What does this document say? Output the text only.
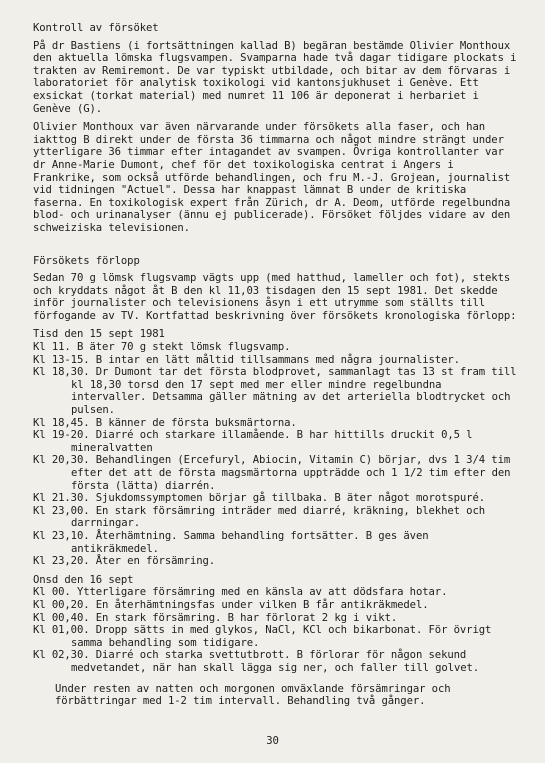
Kontroll av försöket
På dr Bastiens (i fortsättningen kallad B) begäran bestämde Olivier Monthoux den aktuella lömska flugsvampen. Svamparna hade två dagar tidigare plockats i trakten av Remiremont. De var typiskt utbildade, och bitar av dem förvaras i laboratoriet för analytisk toxikologi vid kantonsjukhuset i Genève. Ett exsickat (torkat material) med numret 11 106 är deponerat i herbariet i Genève (G).
Olivier Monthoux var även närvarande under försökets alla faser, och han iakttog B direkt under de första 36 timmarna och något mindre strängt under ytterligare 36 timmar efter intagandet av svampen. Övriga kontrollanter var dr Anne-Marie Dumont, chef för det toxikologiska centrat i Angers i Frankrike, som också utförde behandlingen, och fru M.-J. Grojean, journalist vid tidningen "Actuel". Dessa har knappast lämnat B under de kritiska faserna. En toxikologisk expert från Zürich, dr A. Deom, utförde regelbundna blod- och urinanalyser (ännu ej publicerade). Försöket följdes vidare av den schweiziska televisionen.
Försökets förlopp
Sedan 70 g lömsk flugsvamp vägts upp (med hatthud, lameller och fot), stekts och kryddats något åt B den kl 11,03 tisdagen den 15 sept 1981. Det skedde inför journalister och televisionens åsyn i ett utrymme som ställts till förfogande av TV. Kortfattad beskrivning över försökets kronologiska förlopp:
Tisd den 15 sept 1981

Kl 11. B äter 70 g stekt lömsk flugsvamp.

Kl 13-15. B intar en lätt måltid tillsammans med några journalister.

Kl 18,30. Dr Dumont tar det första blodprovet, sammanlagt tas 13 st fram till kl 18,30 torsd den 17 sept med mer eller mindre regelbundna intervaller. Detsamma gäller mätning av det arteriella blodtrycket och pulsen.

Kl 18,45. B känner de första buksmärtorna.

Kl 19-20. Diarré och starkare illamående. B har hittills druckit 0,5 l mineralvatten

Kl 20,30. Behandlingen (Ercefuryl, Abiocin, Vitamin C) börjar, dvs 1 3/4 tim efter det att de första magsmärtorna uppträdde och 1 1/2 tim efter den första (lätta) diarrén.

Kl 21.30. Sjukdomssymptomen börjar gå tillbaka. B äter något morotspuré.

Kl 23,00. En stark försämring inträder med diarré, kräkning, blekhet och darrningar.

Kl 23,10. Återhämtning. Samma behandling fortsätter. B ges även antikräkmedel.

Kl 23,20. Åter en försämring.

Onsd den 16 sept

Kl 00. Ytterligare försämring med en känsla av att dödsfara hotar.

Kl 00,20. En återhämtningsfas under vilken B får antikräkmedel.

Kl 00,40. En stark försämring. B har förlorat 2 kg i vikt.

Kl 01,00. Dropp sätts in med glykos, NaCl, KCl och bikarbonat. För övrigt samma behandling som tidigare.

Kl 02,30. Diarré och starka svettutbrott. B förlorar för någon sekund medvetandet, när han skall lägga sig ner, och faller till golvet.

Under resten av natten och morgonen omväxlande försämringar och förbättringar med 1-2 tim intervall. Behandling två gånger.
30
